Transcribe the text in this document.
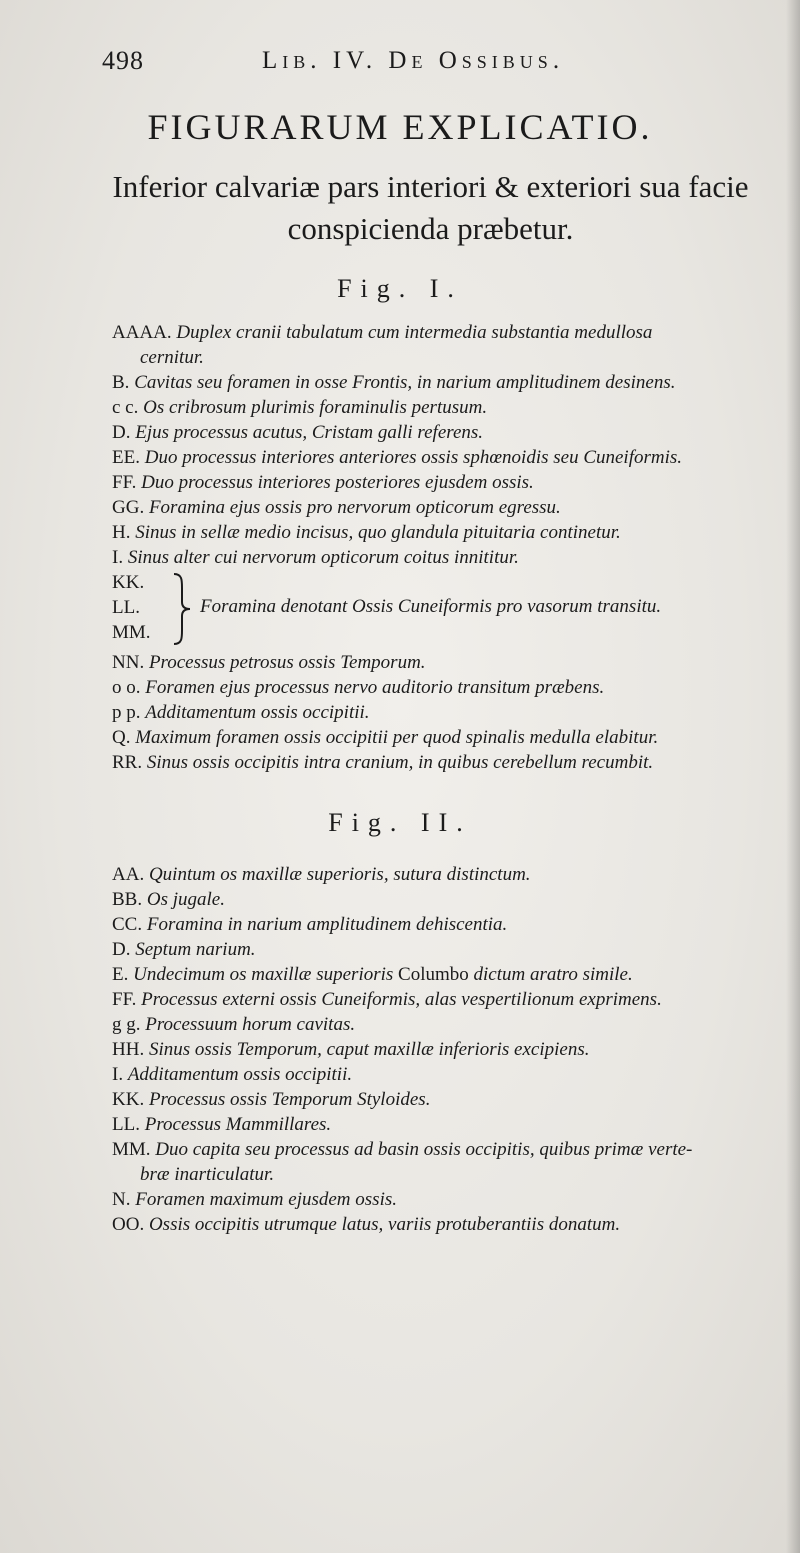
498	Lib. IV. De Ossibus.
FIGURARUM EXPLICATIO.
Inferior calvariæ pars interiori & exteriori sua facie conspicienda præbetur.
Fig. I.
AAAA. Duplex cranii tabulatum cum intermedia substantia medullosa
cernitur.
B. Cavitas seu foramen in osse Frontis, in narium amplitudinem desinens.
c c. Os cribrosum plurimis foraminulis pertusum.
D. Ejus processus acutus, Cristam galli referens.
EE. Duo processus interiores anteriores ossis sphœnoidis seu Cuneiformis.
FF. Duo processus interiores posteriores ejusdem ossis.
GG. Foramina ejus ossis pro nervorum opticorum egressu.
H. Sinus in sellæ medio incisus, quo glandula pituitaria continetur.
I. Sinus alter cui nervorum opticorum coitus innititur.
KK.
LL.
MM.
Foramina denotant Ossis Cuneiformis pro vasorum transitu.
NN. Processus petrosus ossis Temporum.
o o. Foramen ejus processus nervo auditorio transitum præbens.
p p. Additamentum ossis occipitii.
Q. Maximum foramen ossis occipitii per quod spinalis medulla elabitur.
RR. Sinus ossis occipitis intra cranium, in quibus cerebellum recumbit.
Fig. II.
AA. Quintum os maxillæ superioris, sutura distinctum.
BB. Os jugale.
CC. Foramina in narium amplitudinem dehiscentia.
D. Septum narium.
E. Undecimum os maxillæ superioris Columbo dictum aratro simile.
FF. Processus externi ossis Cuneiformis, alas vespertilionum exprimens.
g g. Processuum horum cavitas.
HH. Sinus ossis Temporum, caput maxillæ inferioris excipiens.
I. Additamentum ossis occipitii.
KK. Processus ossis Temporum Styloides.
LL. Processus Mammillares.
MM. Duo capita seu processus ad basin ossis occipitis, quibus primæ verte-
bræ inarticulatur.
N. Foramen maximum ejusdem ossis.
OO. Ossis occipitis utrumque latus, variis protuberantiis donatum.
